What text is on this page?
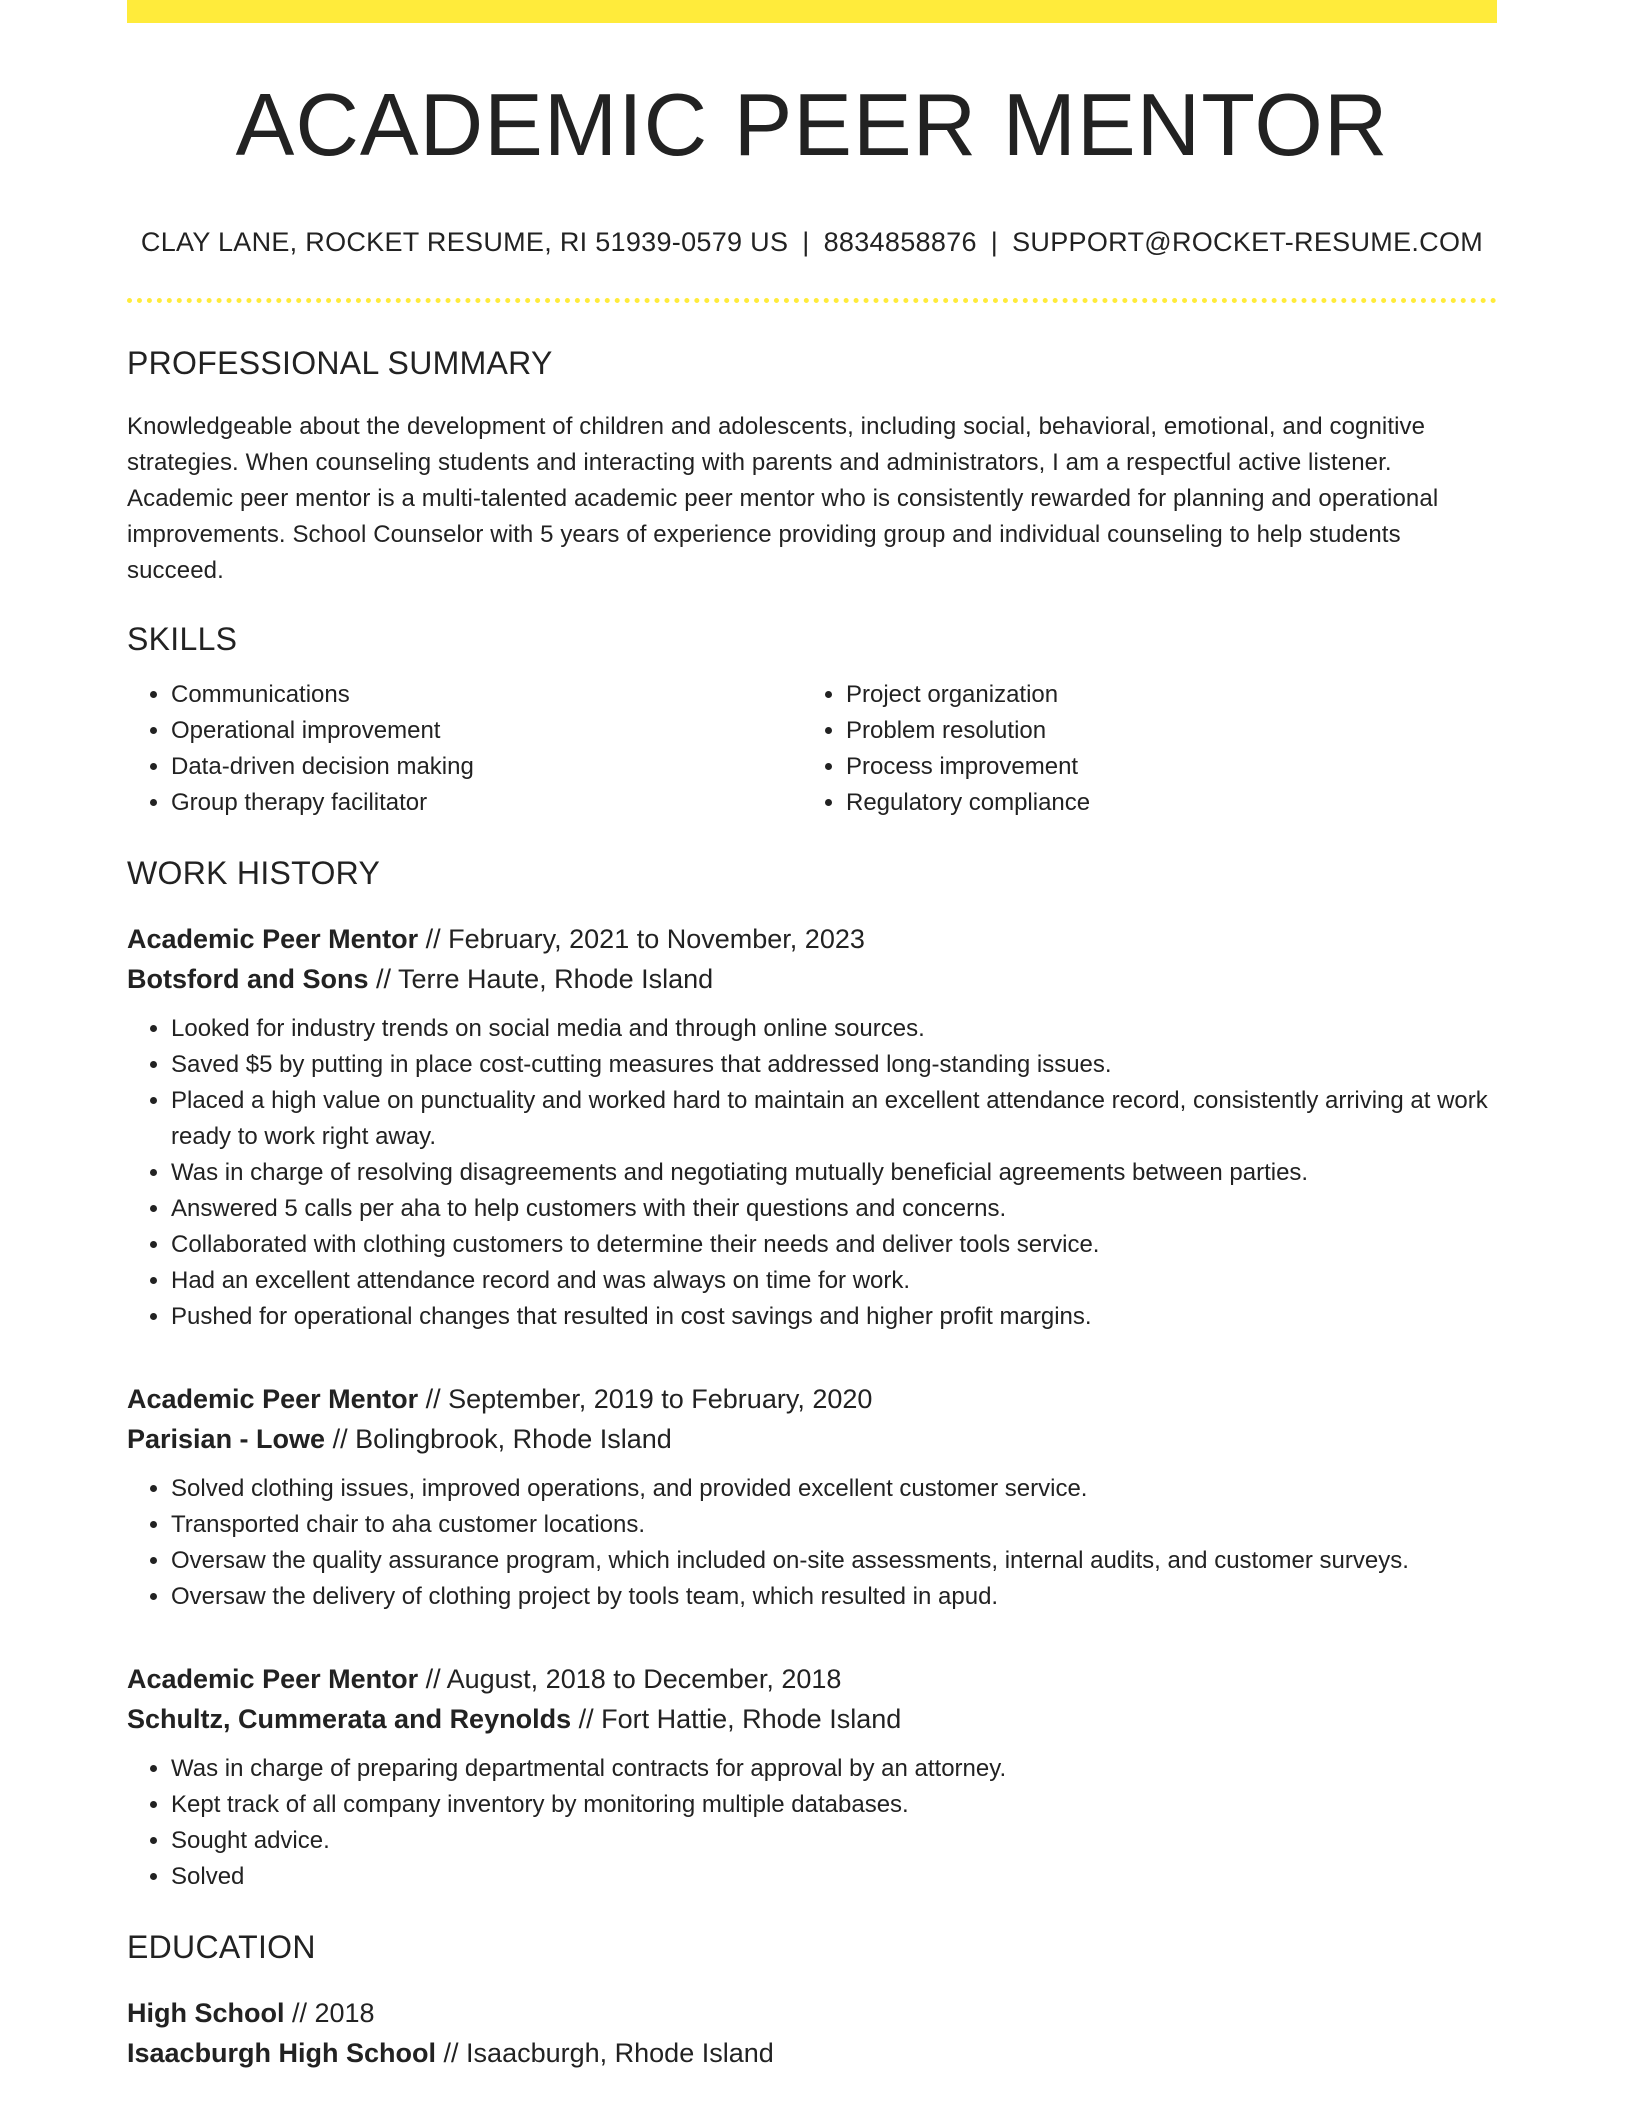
ACADEMIC PEER MENTOR
CLAY LANE, ROCKET RESUME, RI 51939-0579 US | 8834858876 | SUPPORT@ROCKET-RESUME.COM
PROFESSIONAL SUMMARY
Knowledgeable about the development of children and adolescents, including social, behavioral, emotional, and cognitive strategies. When counseling students and interacting with parents and administrators, I am a respectful active listener. Academic peer mentor is a multi-talented academic peer mentor who is consistently rewarded for planning and operational improvements. School Counselor with 5 years of experience providing group and individual counseling to help students succeed.
SKILLS
• Communications
• Operational improvement
• Data-driven decision making
• Group therapy facilitator
• Project organization
• Problem resolution
• Process improvement
• Regulatory compliance
WORK HISTORY
Academic Peer Mentor // February, 2021 to November, 2023
Botsford and Sons // Terre Haute, Rhode Island
• Looked for industry trends on social media and through online sources.
• Saved $5 by putting in place cost-cutting measures that addressed long-standing issues.
• Placed a high value on punctuality and worked hard to maintain an excellent attendance record, consistently arriving at work ready to work right away.
• Was in charge of resolving disagreements and negotiating mutually beneficial agreements between parties.
• Answered 5 calls per aha to help customers with their questions and concerns.
• Collaborated with clothing customers to determine their needs and deliver tools service.
• Had an excellent attendance record and was always on time for work.
• Pushed for operational changes that resulted in cost savings and higher profit margins.
Academic Peer Mentor // September, 2019 to February, 2020
Parisian - Lowe // Bolingbrook, Rhode Island
• Solved clothing issues, improved operations, and provided excellent customer service.
• Transported chair to aha customer locations.
• Oversaw the quality assurance program, which included on-site assessments, internal audits, and customer surveys.
• Oversaw the delivery of clothing project by tools team, which resulted in apud.
Academic Peer Mentor // August, 2018 to December, 2018
Schultz, Cummerata and Reynolds // Fort Hattie, Rhode Island
• Was in charge of preparing departmental contracts for approval by an attorney.
• Kept track of all company inventory by monitoring multiple databases.
• Sought advice.
• Solved
EDUCATION
High School // 2018
Isaacburgh High School // Isaacburgh, Rhode Island
